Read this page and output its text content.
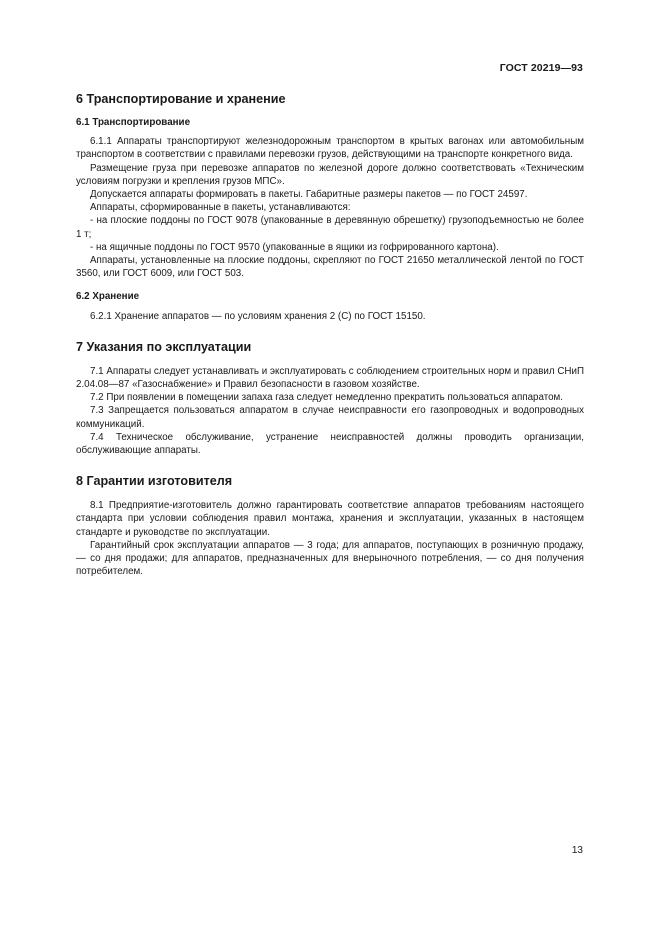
ГОСТ 20219—93
6 Транспортирование и хранение
6.1 Транспортирование

6.1.1 Аппараты транспортируют железнодорожным транспортом в крытых вагонах или автомобильным транспортом в соответствии с правилами перевозки грузов, действующими на транспорте конкретного вида.

Размещение груза при перевозке аппаратов по железной дороге должно соответствовать «Техническим условиям погрузки и крепления грузов МПС».

Допускается аппараты формировать в пакеты. Габаритные размеры пакетов — по ГОСТ 24597.

Аппараты, сформированные в пакеты, устанавливаются:

- на плоские поддоны по ГОСТ 9078 (упакованные в деревянную обрешетку) грузоподъемностью не более 1 т;

- на ящичные поддоны по ГОСТ 9570 (упакованные в ящики из гофрированного картона).

Аппараты, установленные на плоские поддоны, скрепляют по ГОСТ 21650 металлической лентой по ГОСТ 3560, или ГОСТ 6009, или ГОСТ 503.

6.2 Хранение

6.2.1 Хранение аппаратов — по условиям хранения 2 (С) по ГОСТ 15150.

7 Указания по эксплуатации

7.1 Аппараты следует устанавливать и эксплуатировать с соблюдением строительных норм и правил СНиП 2.04.08—87 «Газоснабжение» и Правил безопасности в газовом хозяйстве.

7.2 При появлении в помещении запаха газа следует немедленно прекратить пользоваться аппаратом.

7.3 Запрещается пользоваться аппаратом в случае неисправности его газопроводных и водопроводных коммуникаций.

7.4 Техническое обслуживание, устранение неисправностей должны проводить организации, обслуживающие аппараты.

8 Гарантии изготовителя

8.1 Предприятие-изготовитель должно гарантировать соответствие аппаратов требованиям настоящего стандарта при условии соблюдения правил монтажа, хранения и эксплуатации, указанных в настоящем стандарте и руководстве по эксплуатации.

Гарантийный срок эксплуатации аппаратов — 3 года; для аппаратов, поступающих в розничную продажу, — со дня продажи; для аппаратов, предназначенных для внерыночного потребления, — со дня получения потребителем.

13
